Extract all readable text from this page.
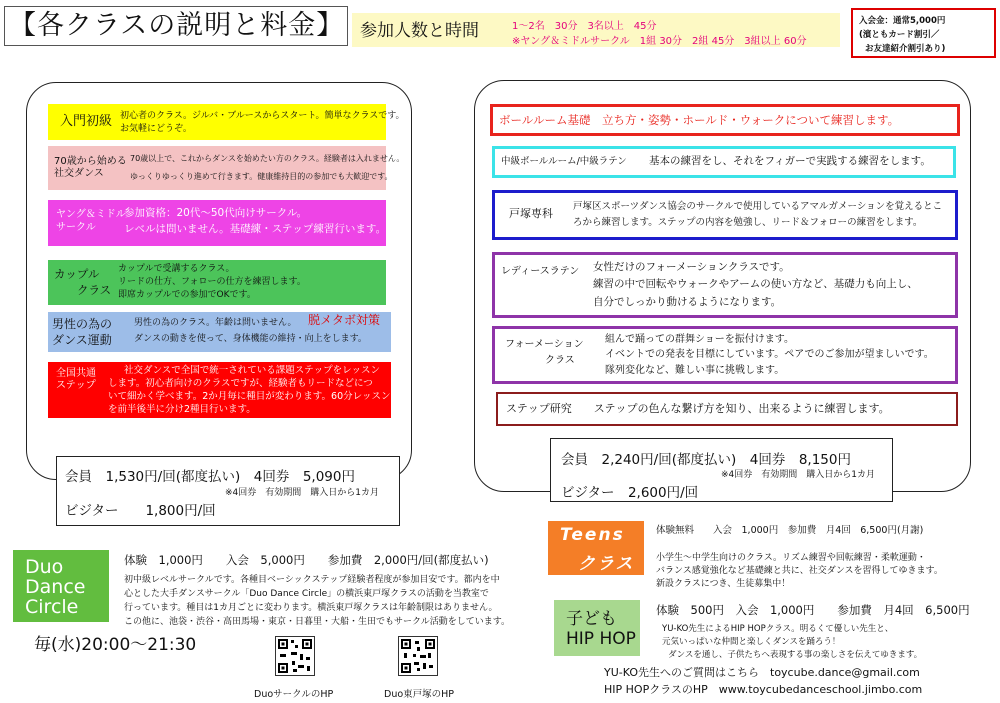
【各クラスの説明と料金】 参加人数と時間	1～2名　30分　3名以上　45分
※ヤング＆ミドルサークル　1組 30分　2組 45分　3組以上 60分
入会金：通常5,000円
(濱ともカード割引／
お友達紹介割引あり)
入門初級 初心者のクラス。ジルバ・ブルースからスタート。簡単なクラスです。
お気軽にどうぞ。
70歳から始める
社交ダンス
70歳以上で、これからダンスを始めたい方のクラス。経験者は入れません。
ゆっくりゆっくり進めて行きます。健康維持目的の参加でも大歓迎です。
ヤング＆ミドル
サークル
参加資格：20代～50代向けサークル。
レベルは問いません。基礎練・ステップ練習行います。
カップル
　　クラス
カップルで受講するクラス。
リードの仕方、フォローの仕方を練習します。
即席カップルでの参加でOKです。
男性の為の
ダンス運動
男性の為のクラス。年齢は問いません。 脱メタボ対策
ダンスの動きを使って、身体機能の維持・向上をします。
全国共通
ステップ
社交ダンスで全国で統一されている課題ステップをレッスン
します。初心者向けのクラスですが、経験者もリードなどにつ
いて細かく学べます。2か月毎に種目が変わります。60分レッスン
を前半後半に分け2種目行います。
会員　1,530円/回(都度払い)　4回券　5,090円
※4回券　有効期間　購入日から1カ月
ビジター　　1,800円/回
ボールルーム基礎　立ち方・姿勢・ホールド・ウォークについて練習します。
中級ボールルーム/中級ラテン 基本の練習をし、それをフィガーで実践する練習をします。
戸塚専科
戸塚区スポーツダンス協会のサークルで使用しているアマルガメーションを覚えるとこ
ろから練習します。ステップの内容を勉強し、リード＆フォローの練習をします。
レディースラテン 女性だけのフォーメーションクラスです。
練習の中で回転やウォークやアームの使い方など、基礎力も向上し、
自分でしっかり動けるようになります。
フォーメーション
　　　　クラス
組んで踊っての群舞ショーを振付けます。
イベントでの発表を目標にしています。ペアでのご参加が望ましいです。
隊列変化など、難しい事に挑戦します。
ステップ研究　　ステップの色んな繋げ方を知り、出来るように練習します。
会員　2,240円/回(都度払い)　4回券　8,150円
※4回券　有効期間　購入日から1カ月
ビジター　2,600円/回
Duo
Dance
Circle
体験　1,000円　　入会　5,000円　　参加費　2,000円/回(都度払い)
初中級レベルサークルです。各種目ベーシックステップ経験者程度が参加目安です。都内を中
心とした大手ダンスサークル「Duo Dance Circle」の横浜東戸塚クラスの活動を当教室で
行っています。種目は1カ月ごとに変わります。横浜東戸塚クラスは年齢制限はありません。
この他に、池袋・渋谷・高田馬場・東京・日暮里・大船・生田でもサークル活動をしています。
毎(水)20:00～21:30
DuoサークルのHP	Duo東戸塚のHP
Teens
クラス
体験無料　　入会　1,000円　参加費　月4回　6,500円(月謝)
小学生～中学生向けのクラス。リズム練習や回転練習・柔軟運動・
バランス感覚強化など基礎練と共に、社交ダンスを習得してゆきます。
新設クラスにつき、生徒募集中！
子ども
HIP HOP
体験　500円　入会　1,000円　　参加費　月4回　6,500円
YU-KO先生によるHIP HOPクラス。明るくて優しい先生と、
元気いっぱいな仲間と楽しくダンスを踊ろう！
ダンスを通し、子供たちへ表現する事の楽しさを伝えてゆきます。
YU-KO先生へのご質問はこちら　toycube.dance@gmail.com
HIP HOPクラスのHP　www.toycubedanceschool.jimbo.com
